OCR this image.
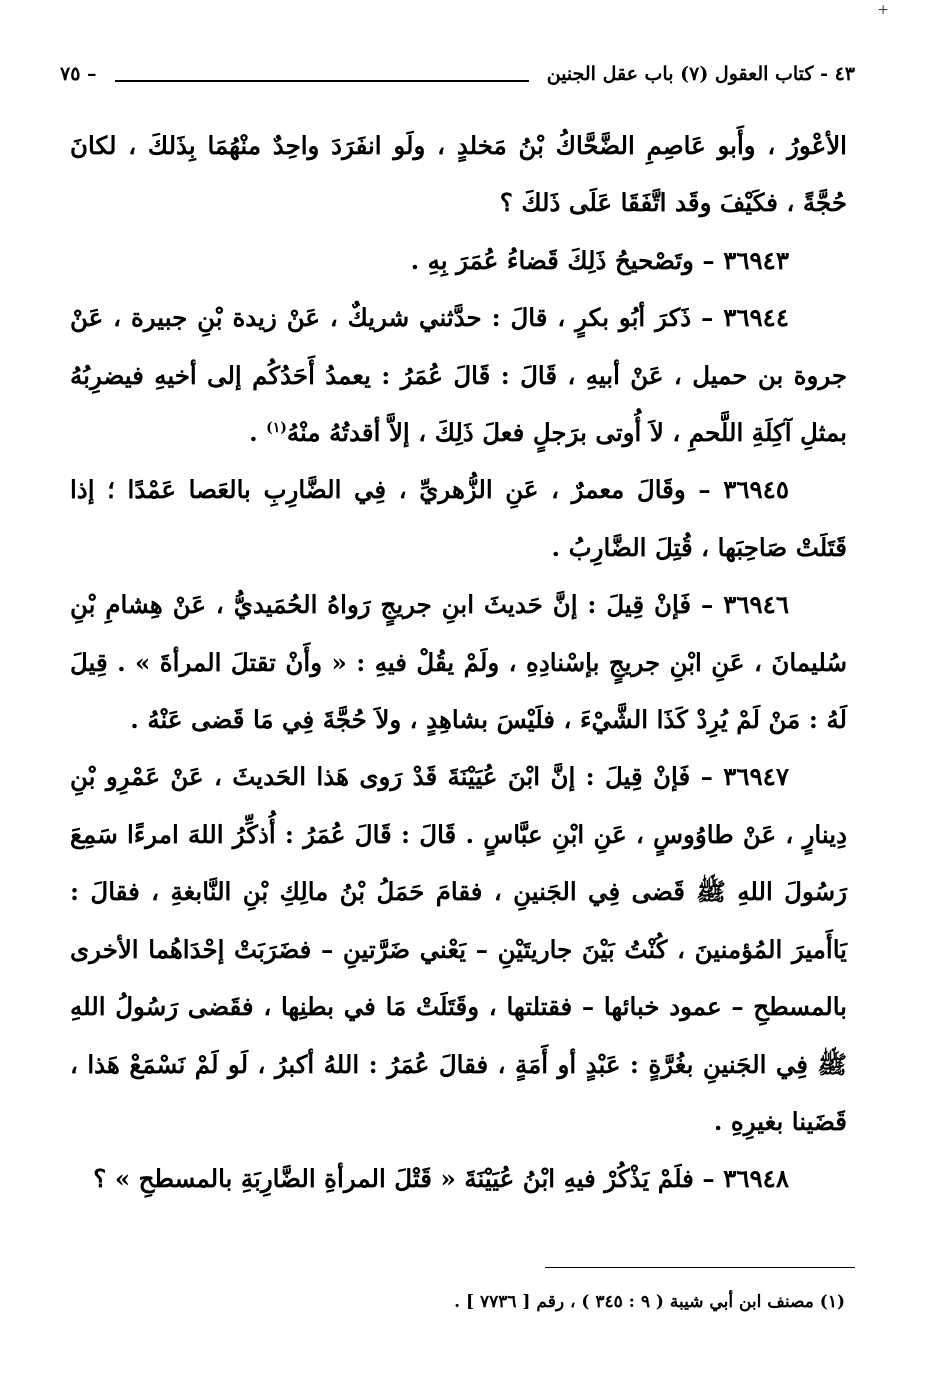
+
٤٣ - كتاب العقول (٧) باب عقل الجنين
– ٧٥

الأعْورُ ، وأَبو عَاصِمِ الضَّحَّاكُ بْنُ مَخلدٍ ، ولَو انفَرَدَ واحِدٌ منْهُمَا بِذَلكَ ، لكانَ حُجَّةً ، فكَيْفَ وقَد اتَّفَقَا عَلَى ذَلكَ ؟

٣٦٩٤٣ – وتَصْحيحُ ذَلِكَ قَضاءُ عُمَرَ بِهِ .

٣٦٩٤٤ – ذَكرَ أبُو بكرٍ ، قالَ : حدَّثني شريكٌ ، عَنْ زيدة بْنِ جبيرة ، عَنْ جروة بن حميل ، عَنْ أبيهِ ، قَالَ : قَالَ عُمَرُ : يعمدُ أَحَدُكُم إلى أخيهِ فيضرِبُهُ بمثلِ آكِلَةِ اللَّحمِ ، لاَ أُوتى برَجلٍ فعلَ ذَلِكَ ، إلاَّ أقدتُهُ منْهُ$^{(١)}$ .

٣٦٩٤٥ – وقَالَ معمرٌ ، عَنِ الزُّهريِّ ، فِي الضَّارِبِ بالعَصا عَمْدًا ؛ إذا قَتَلَتْ صَاحِبَها ، قُتِلَ الضَّارِبُ .

٣٦٩٤٦ – فَإنْ قِيلَ : إنَّ حَديثَ ابنِ جريجٍ رَواهُ الحُمَيديُّ ، عَنْ هِشامِ بْنِ سُليمانَ ، عَنِ ابْنِ جريجٍ بإسْنادِهِ ، ولَمْ يقُلْ فيهِ : « وأَنْ تقتلَ المرأةَ » . قِيلَ لَهُ : مَنْ لَمْ يُرِدْ كَذَا الشَّيْءَ ، فلَيْسَ بشاهِدٍ ، ولاَ حُجَّةَ فِي مَا قَضى عَنْهُ .

٣٦٩٤٧ – فَإنْ قِيلَ : إنَّ ابْنَ عُيَيْنَةَ قَدْ رَوى هَذا الحَديثَ ، عَنْ عَمْرِو بْنِ دِينارٍ ، عَنْ طاوُوسٍ ، عَنِ ابْنِ عبَّاسٍ . قَالَ : قَالَ عُمَرُ : أُذكِّرُ اللهَ امرءًا سَمِعَ رَسُولَ اللهِ ﷺ قَضى فِي الجَنينِ ، فقامَ حَمَلُ بْنُ مالِكِ بْنِ النَّابغةِ ، فقالَ : يَاأَميرَ المُؤمنينَ ، كُنْتُ بَيْنَ جاريتَيْنِ – يَعْني ضَرَّتينِ – فضَرَبَتْ إحْدَاهُما الأخرى بالمسطحِ – عمود خبائها – فقتلتها ، وقَتَلَتْ مَا في بطنِها ، فقَضى رَسُولُ اللهِ ﷺ فِي الجَنينِ بغُرَّةٍ : عَبْدٍ أو أَمَةٍ ، فقالَ عُمَرُ : اللهُ أكبرُ ، لَو لَمْ نَسْمَعْ هَذا ، قَضَينا بغيرِهِ .

٣٦٩٤٨ – فلَمْ يَذْكُرْ فيهِ ابْنُ عُيَيْنَةَ « قَتْلَ المرأةِ الضَّارِبَةِ بالمسطحِ » ؟

(١) مصنف ابن أبي شيبة ( ٩ : ٣٤٥ ) ، رقم [ ٧٧٣٦ ] .
